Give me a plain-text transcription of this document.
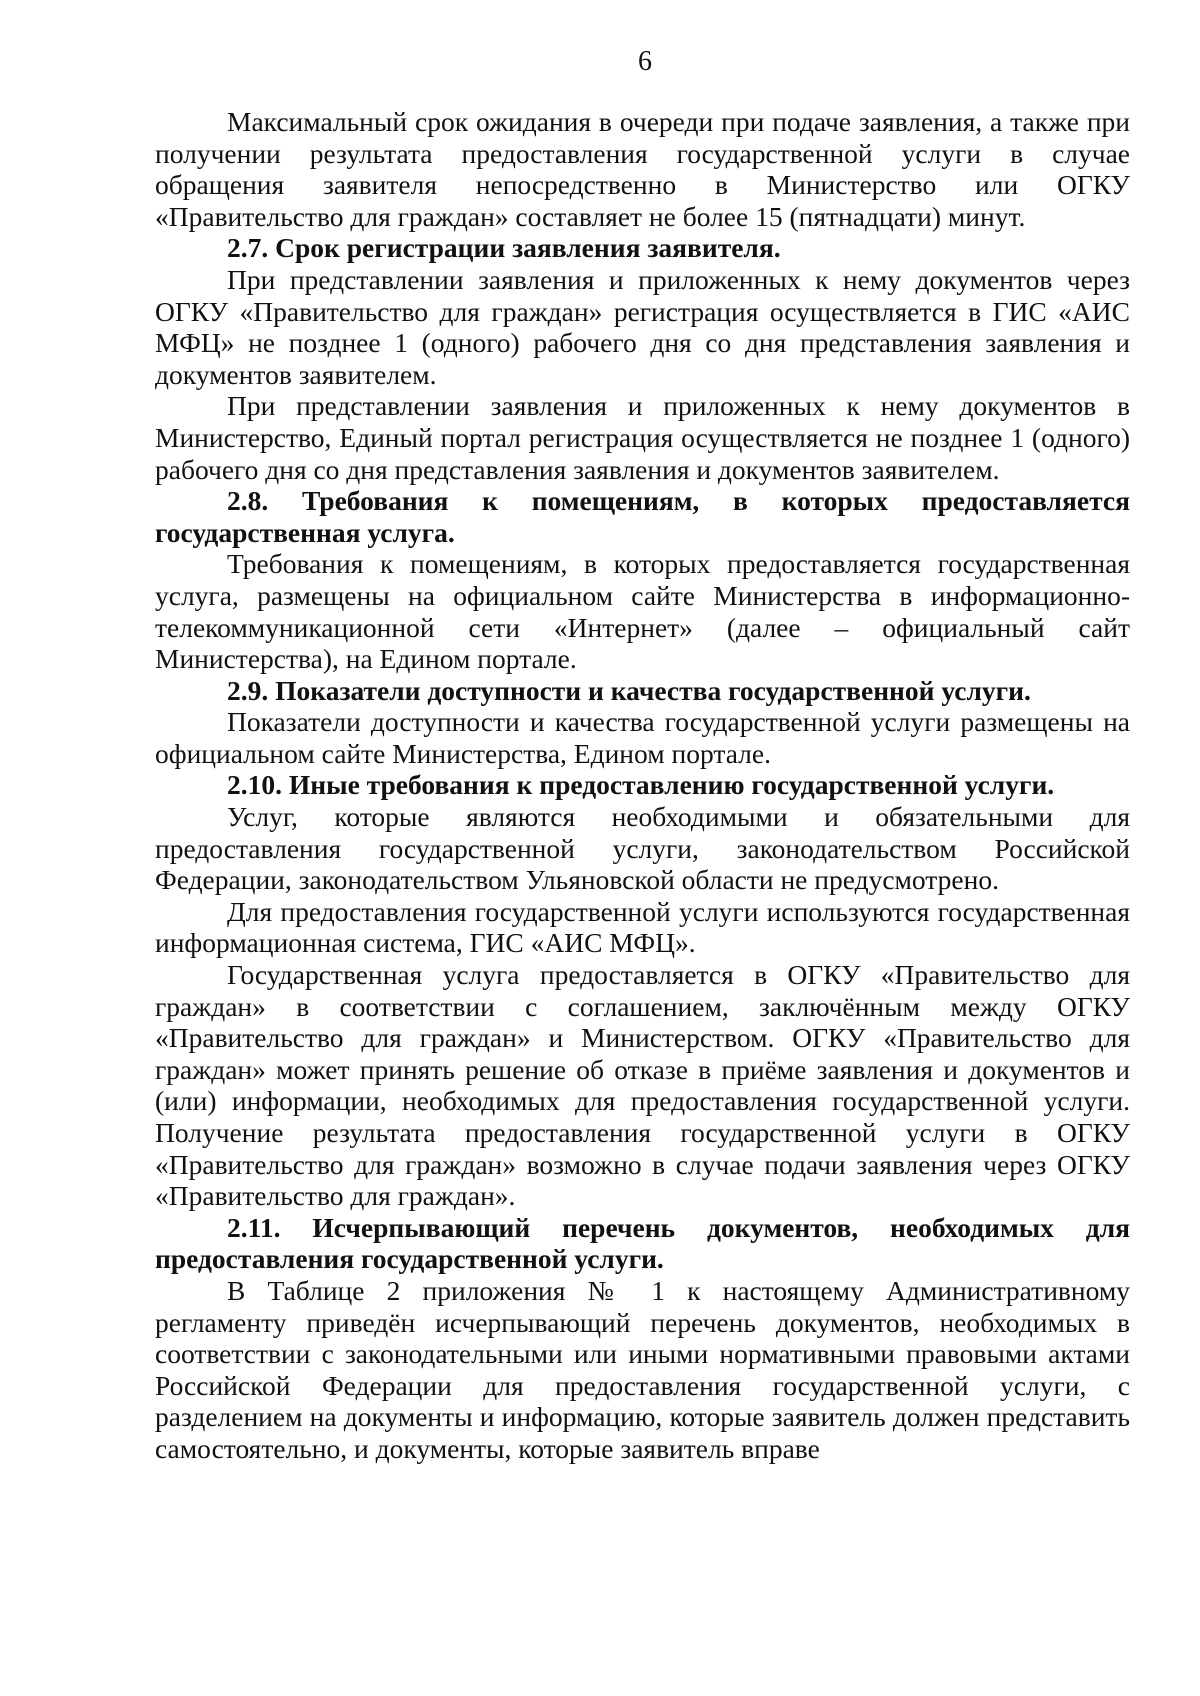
6

Максимальный срок ожидания в очереди при подаче заявления, а также при получении результата предоставления государственной услуги в случае обращения заявителя непосредственно в Министерство или ОГКУ «Правительство для граждан» составляет не более 15 (пятнадцати) минут.

2.7. Срок регистрации заявления заявителя.

При представлении заявления и приложенных к нему документов через ОГКУ «Правительство для граждан» регистрация осуществляется в ГИС «АИС МФЦ» не позднее 1 (одного) рабочего дня со дня представления заявления и документов заявителем.

При представлении заявления и приложенных к нему документов в Министерство, Единый портал регистрация осуществляется не позднее 1 (одного) рабочего дня со дня представления заявления и документов заявителем.

2.8. Требования к помещениям, в которых предоставляется государственная услуга.

Требования к помещениям, в которых предоставляется государственная услуга, размещены на официальном сайте Министерства в информационно-телекоммуникационной сети «Интернет» (далее – официальный сайт Министерства), на Едином портале.

2.9. Показатели доступности и качества государственной услуги.

Показатели доступности и качества государственной услуги размещены на официальном сайте Министерства, Едином портале.

2.10. Иные требования к предоставлению государственной услуги.

Услуг, которые являются необходимыми и обязательными для предоставления государственной услуги, законодательством Российской Федерации, законодательством Ульяновской области не предусмотрено.

Для предоставления государственной услуги используются государственная информационная система, ГИС «АИС МФЦ».

Государственная услуга предоставляется в ОГКУ «Правительство для граждан» в соответствии с соглашением, заключённым между ОГКУ «Правительство для граждан» и Министерством. ОГКУ «Правительство для граждан» может принять решение об отказе в приёме заявления и документов и (или) информации, необходимых для предоставления государственной услуги. Получение результата предоставления государственной услуги в ОГКУ «Правительство для граждан» возможно в случае подачи заявления через ОГКУ «Правительство для граждан».

2.11. Исчерпывающий перечень документов, необходимых для предоставления государственной услуги.

В Таблице 2 приложения № 1 к настоящему Административному регламенту приведён исчерпывающий перечень документов, необходимых в соответствии с законодательными или иными нормативными правовыми актами Российской Федерации для предоставления государственной услуги, с разделением на документы и информацию, которые заявитель должен представить самостоятельно, и документы, которые заявитель вправе
